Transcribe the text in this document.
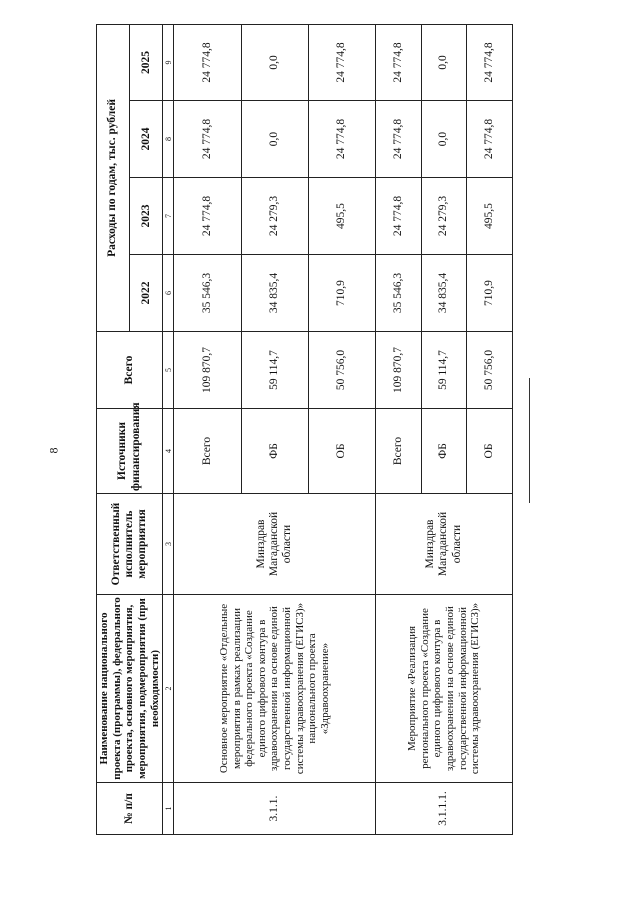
8
№ п/п	Наименование национального проекта (программы), федерального проекта, основного мероприятия, мероприятия, подмероприятия (при необходимости)	Ответственный исполнитель мероприятия	Источники финансирования	Всего	Расходы по годам, тыс. рублей			
					2022	2023	2024	2025
1	2	3	4	5	6	7	8	9
3.1.1.	Основное мероприятие «Отдельные мероприятия в рамках реализации федерального проекта «Создание единого цифрового контура в здравоохранении на основе единой государственной информационной системы здравоохранения (ЕГИСЗ)» национального проекта «Здравоохранение»	Минздрав Магаданской области	Всего	109 870,7	35 546,3	24 774,8	24 774,8	24 774,8
			ФБ	59 114,7	34 835,4	24 279,3	0,0	0,0
			ОБ	50 756,0	710,9	495,5	24 774,8	24 774,8
3.1.1.1.	Мероприятие «Реализация регионального проекта «Создание единого цифрового контура в здравоохранении на основе единой государственной информационной системы здравоохранения (ЕГИСЗ)»	Минздрав Магаданской области	Всего	109 870,7	35 546,3	24 774,8	24 774,8	24 774,8
			ФБ	59 114,7	34 835,4	24 279,3	0,0	0,0
			ОБ	50 756,0	710,9	495,5	24 774,8	24 774,8
